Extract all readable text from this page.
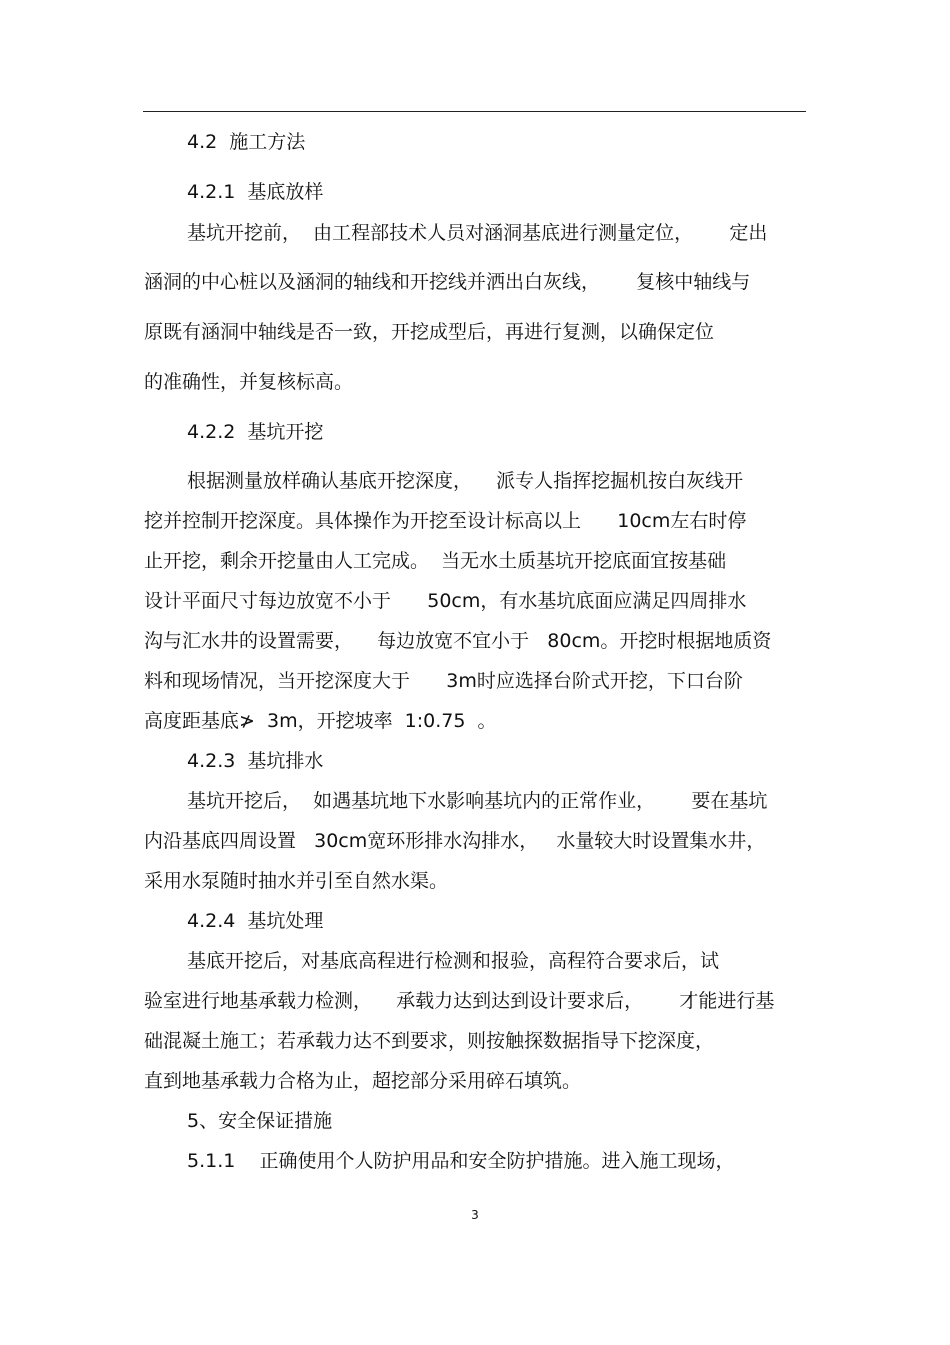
4.2  施工方法

4.2.1  基底放样

基坑开挖前，  由工程部技术人员对涵洞基底进行测量定位，      定出

涵洞的中心桩以及涵洞的轴线和开挖线并洒出白灰线，      复核中轴线与

原既有涵洞中轴线是否一致，开挖成型后，再进行复测，以确保定位

的准确性，并复核标高。

4.2.2  基坑开挖

根据测量放样确认基底开挖深度，    派专人指挥挖掘机按白灰线开

挖并控制开挖深度。具体操作为开挖至设计标高以上      10cm左右时停

止开挖，剩余开挖量由人工完成。  当无水土质基坑开挖底面宜按基础

设计平面尺寸每边放宽不小于      50cm，有水基坑底面应满足四周排水

沟与汇水井的设置需要，    每边放宽不宜小于   80cm。开挖时根据地质资

料和现场情况，当开挖深度大于      3m时应选择台阶式开挖，下口台阶

高度距基底≯  3m，开挖坡率  1:0.75  。

4.2.3  基坑排水

基坑开挖后，  如遇基坑地下水影响基坑内的正常作业，      要在基坑

内沿基底四周设置   30cm宽环形排水沟排水，   水量较大时设置集水井，

采用水泵随时抽水并引至自然水渠。

4.2.4  基坑处理

基底开挖后，对基底高程进行检测和报验，高程符合要求后，试

验室进行地基承载力检测，    承载力达到达到设计要求后，      才能进行基

础混凝土施工；若承载力达不到要求，则按触探数据指导下挖深度，

直到地基承载力合格为止，超挖部分采用碎石填筑。

5、安全保证措施

5.1.1    正确使用个人防护用品和安全防护措施。进入施工现场，

3
